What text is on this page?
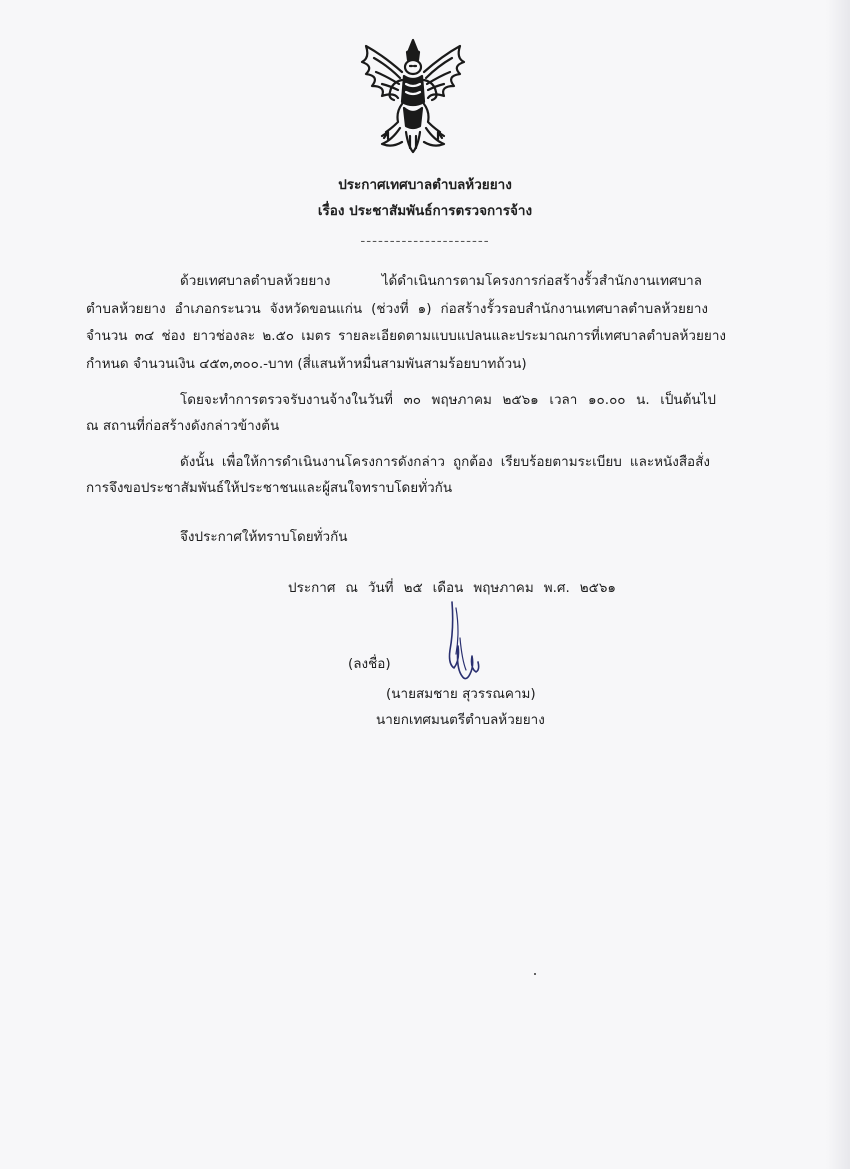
ประกาศเทศบาลตำบลห้วยยาง
เรื่อง ประชาสัมพันธ์การตรวจการจ้าง
----------------------
ด้วยเทศบาลตำบลห้วยยาง ได้ดำเนินการตามโครงการก่อสร้างรั้วสำนักงานเทศบาล
ตำบลห้วยยาง อำเภอกระนวน จังหวัดขอนแก่น (ช่วงที่ ๑) ก่อสร้างรั้วรอบสำนักงานเทศบาลตำบลห้วยยาง
จำนวน ๓๔ ช่อง ยาวช่องละ ๒.๕๐ เมตร รายละเอียดตามแบบแปลนและประมาณการที่เทศบาลตำบลห้วยยาง
กำหนด จำนวนเงิน ๔๕๓,๓๐๐.-บาท (สี่แสนห้าหมื่นสามพันสามร้อยบาทถ้วน)
โดยจะทำการตรวจรับงานจ้างในวันที่ ๓๐ พฤษภาคม ๒๕๖๑ เวลา ๑๐.๐๐ น. เป็นต้นไป
ณ สถานที่ก่อสร้างดังกล่าวข้างต้น
ดังนั้น เพื่อให้การดำเนินงานโครงการดังกล่าว ถูกต้อง เรียบร้อยตามระเบียบ และหนังสือสั่ง
การจึงขอประชาสัมพันธ์ให้ประชาชนและผู้สนใจทราบโดยทั่วกัน
จึงประกาศให้ทราบโดยทั่วกัน
ประกาศ ณ วันที่ ๒๕ เดือน พฤษภาคม พ.ศ. ๒๕๖๑
(ลงชื่อ)
(นายสมชาย สุวรรณคาม)
นายกเทศมนตรีตำบลห้วยยาง
